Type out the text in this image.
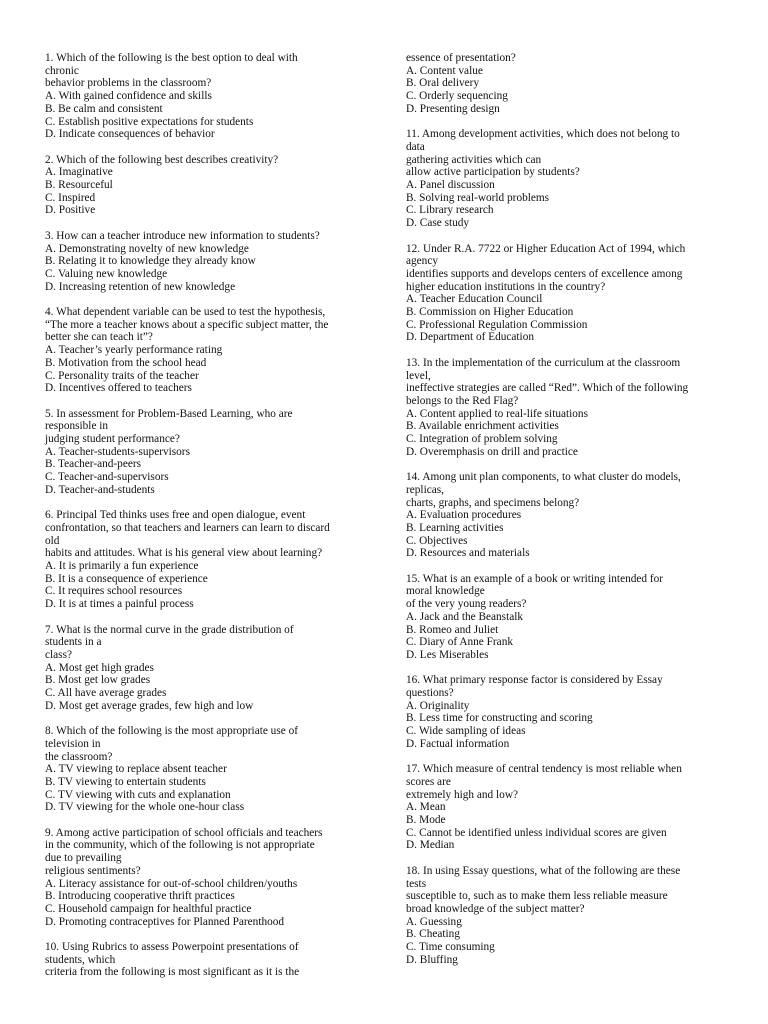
1. Which of the following is the best option to deal with
chronic
behavior problems in the classroom?
A. With gained confidence and skills
B. Be calm and consistent
C. Establish positive expectations for students
D. Indicate consequences of behavior
2. Which of the following best describes creativity?
A. Imaginative
B. Resourceful
C. Inspired
D. Positive
3. How can a teacher introduce new information to students?
A. Demonstrating novelty of new knowledge
B. Relating it to knowledge they already know
C. Valuing new knowledge
D. Increasing retention of new knowledge
4. What dependent variable can be used to test the hypothesis,
“The more a teacher knows about a specific subject matter, the
better she can teach it”?
A. Teacher’s yearly performance rating
B. Motivation from the school head
C. Personality traits of the teacher
D. Incentives offered to teachers
5. In assessment for Problem-Based Learning, who are
responsible in
judging student performance?
A. Teacher-students-supervisors
B. Teacher-and-peers
C. Teacher-and-supervisors
D. Teacher-and-students
6. Principal Ted thinks uses free and open dialogue, event
confrontation, so that teachers and learners can learn to discard
old
habits and attitudes. What is his general view about learning?
A. It is primarily a fun experience
B. It is a consequence of experience
C. It requires school resources
D. It is at times a painful process
7. What is the normal curve in the grade distribution of
students in a
class?
A. Most get high grades
B. Most get low grades
C. All have average grades
D. Most get average grades, few high and low
8. Which of the following is the most appropriate use of
television in
the classroom?
A. TV viewing to replace absent teacher
B. TV viewing to entertain students
C. TV viewing with cuts and explanation
D. TV viewing for the whole one-hour class
9. Among active participation of school officials and teachers
in the community, which of the following is not appropriate
due to prevailing
religious sentiments?
A. Literacy assistance for out-of-school children/youths
B. Introducing cooperative thrift practices
C. Household campaign for healthful practice
D. Promoting contraceptives for Planned Parenthood
10. Using Rubrics to assess Powerpoint presentations of
students, which
criteria from the following is most significant as it is the
essence of presentation?
A. Content value
B. Oral delivery
C. Orderly sequencing
D. Presenting design
11. Among development activities, which does not belong to
data
gathering activities which can
allow active participation by students?
A. Panel discussion
B. Solving real-world problems
C. Library research
D. Case study
12. Under R.A. 7722 or Higher Education Act of 1994, which
agency
identifies supports and develops centers of excellence among
higher education institutions in the country?
A. Teacher Education Council
B. Commission on Higher Education
C. Professional Regulation Commission
D. Department of Education
13. In the implementation of the curriculum at the classroom
level,
ineffective strategies are called “Red”. Which of the following
belongs to the Red Flag?
A. Content applied to real-life situations
B. Available enrichment activities
C. Integration of problem solving
D. Overemphasis on drill and practice
14. Among unit plan components, to what cluster do models,
replicas,
charts, graphs, and specimens belong?
A. Evaluation procedures
B. Learning activities
C. Objectives
D. Resources and materials
15. What is an example of a book or writing intended for
moral knowledge
of the very young readers?
A. Jack and the Beanstalk
B. Romeo and Juliet
C. Diary of Anne Frank
D. Les Miserables
16. What primary response factor is considered by Essay
questions?
A. Originality
B. Less time for constructing and scoring
C. Wide sampling of ideas
D. Factual information
17. Which measure of central tendency is most reliable when
scores are
extremely high and low?
A. Mean
B. Mode
C. Cannot be identified unless individual scores are given
D. Median
18. In using Essay questions, what of the following are these
tests
susceptible to, such as to make them less reliable measure
broad knowledge of the subject matter?
A. Guessing
B. Cheating
C. Time consuming
D. Bluffing
